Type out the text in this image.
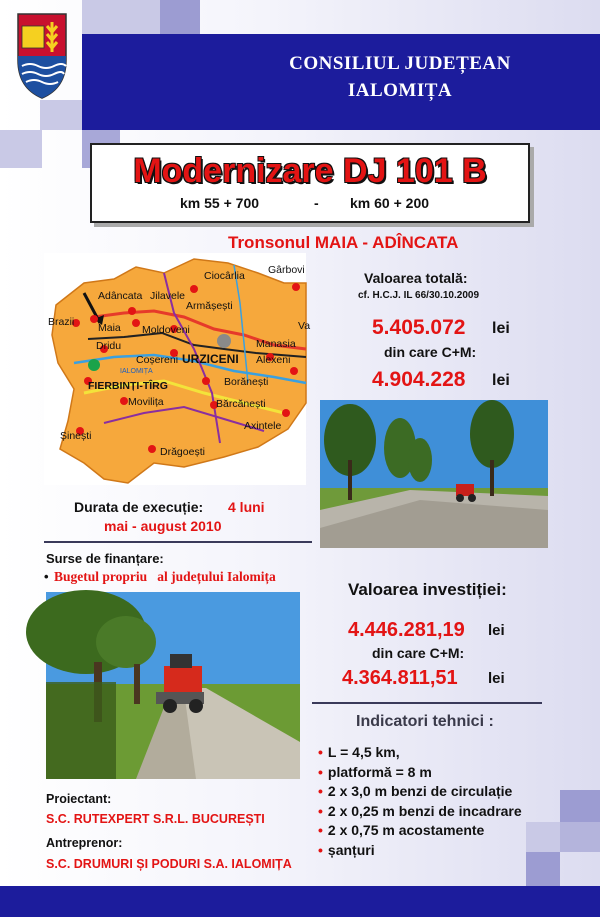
CONSILIUL JUDEȚEAN
IALOMIȚA
Modernizare DJ 101 B
km 55 + 700	- km 60 + 200
Tronsonul MAIA - ADÎNCATA
Ciocârlia Gârbovi
Adâncata Jilavele
Armășești
Brazii Maia Moldoveni
Dridu
Coșereni URZICENI
Manasia
Alexeni
FIERBINȚI-TÎRG	Borănești
Movilița	Bărcănești
Axintele
Șinești
Drăgoești
Va
IALOMIȚA
Valoarea totală:
cf. H.C.J. IL 66/30.10.2009
5.405.072 lei
din care C+M:
4.904.228 lei
Durata de execuție: 4 luni
mai - august 2010
Surse de finanțare:
• Bugetul propriu   al județului Ialomița
Valoarea investiției:
4.446.281,19 lei
din care C+M:
4.364.811,51 lei
Indicatori tehnici :
• L = 4,5 km,
• platformă = 8 m
• 2 x 3,0 m benzi de circulație
• 2 x 0,25 m benzi de incadrare
• 2 x 0,75 m acostamente
• șanțuri
Proiectant:
S.C. RUTEXPERT S.R.L. BUCUREȘTI
Antreprenor:
S.C. DRUMURI ȘI PODURI S.A. IALOMIȚA
